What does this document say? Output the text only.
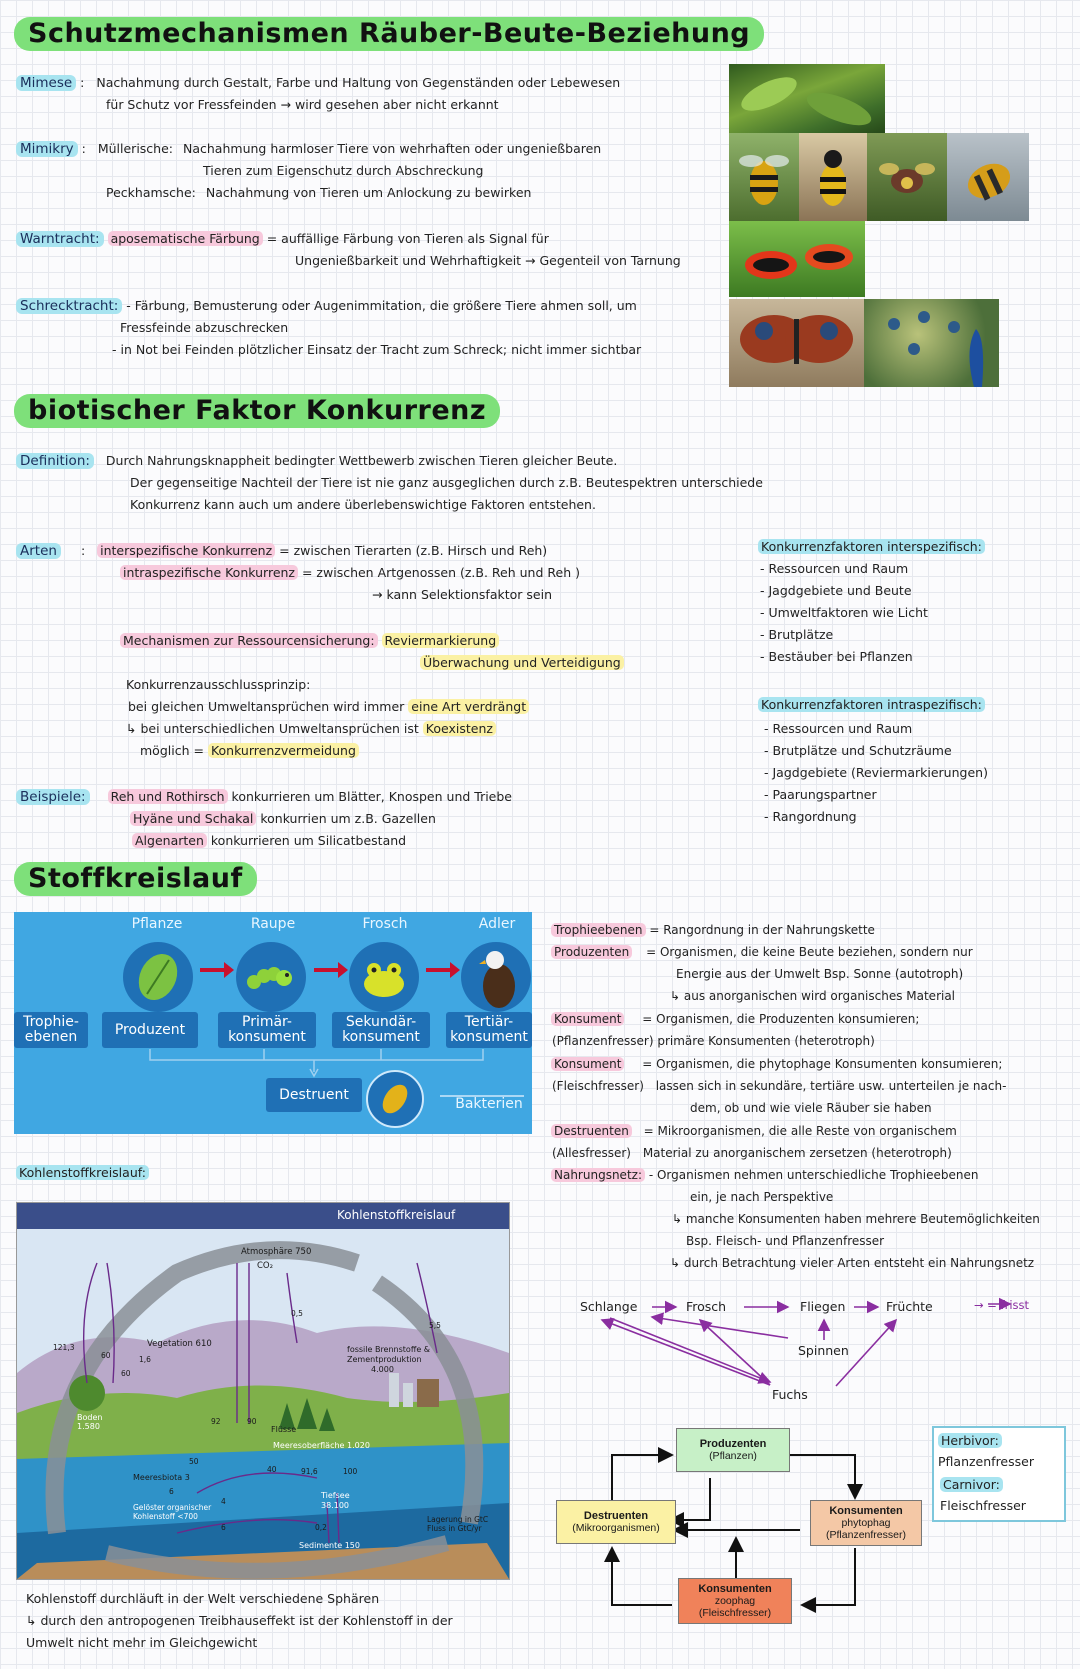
Schutzmechanismen Räuber-Beute-Beziehung
Mimese : Nachahmung durch Gestalt, Farbe und Haltung von Gegenständen oder Lebewesen
für Schutz vor Fressfeinden → wird gesehen aber nicht erkannt
Mimikry : Müllerische: Nachahmung harmloser Tiere von wehrhaften oder ungenießbaren
Tieren zum Eigenschutz durch Abschreckung
Peckhamsche: Nachahmung von Tieren um Anlockung zu bewirken
Warntracht: aposematische Färbung = auffällige Färbung von Tieren als Signal für
Ungenießbarkeit und Wehrhaftigkeit → Gegenteil von Tarnung
Schrecktracht: - Färbung, Bemusterung oder Augenimmitation, die größere Tiere ahmen soll, um
Fressfeinde abzuschrecken
- in Not bei Feinden plötzlicher Einsatz der Tracht zum Schreck; nicht immer sichtbar
biotischer Faktor Konkurrenz
Definition: Durch Nahrungsknappheit bedingter Wettbewerb zwischen Tieren gleicher Beute.
Der gegenseitige Nachteil der Tiere ist nie ganz ausgeglichen durch z.B. Beutespektren unterschiede
Konkurrenz kann auch um andere überlebenswichtige Faktoren entstehen.
Arten : interspezifische Konkurrenz = zwischen Tierarten (z.B. Hirsch und Reh)
intraspezifische Konkurrenz = zwischen Artgenossen (z.B. Reh und Reh )
→ kann Selektionsfaktor sein
Mechanismen zur Ressourcensicherung: Reviermarkierung
Überwachung und Verteidigung
Konkurrenzausschlussprinzip:
bei gleichen Umweltansprüchen wird immer eine Art verdrängt
↳ bei unterschiedlichen Umweltansprüchen ist Koexistenz
möglich = Konkurrenzvermeidung
Beispiele: Reh und Rothirsch konkurrieren um Blätter, Knospen und Triebe
Hyäne und Schakal konkurrien um z.B. Gazellen
Algenarten konkurrieren um Silicatbestand
Konkurrenzfaktoren interspezifisch:
- Ressourcen und Raum
- Jagdgebiete und Beute
- Umweltfaktoren wie Licht
- Brutplätze
- Bestäuber bei Pflanzen
Konkurrenzfaktoren intraspezifisch:
- Ressourcen und Raum
- Brutplätze und Schutzräume
- Jagdgebiete (Reviermarkierungen)
- Paarungspartner
- Rangordnung
Stoffkreislauf
Pflanze	Raupe	Frosch	Adler
Trophie-
ebenen	Produzent	Primär-
konsument
Sekundär-
konsument
Tertiär-
konsument
Destruent
Bakterien
Trophieebenen = Rangordnung in der Nahrungskette
Produzenten = Organismen, die keine Beute beziehen, sondern nur
Energie aus der Umwelt Bsp. Sonne (autotroph)
↳ aus anorganischen wird organisches Material
Konsument = Organismen, die Produzenten konsumieren;
(Pflanzenfresser) primäre Konsumenten (heterotroph)
Konsument = Organismen, die phytophage Konsumenten konsumieren;
(Fleischfresser) lassen sich in sekundäre, tertiäre usw. unterteilen je nach-
dem, ob und wie viele Räuber sie haben
Destruenten = Mikroorganismen, die alle Reste von organischem
(Allesfresser) Material zu anorganischem zersetzen (heterotroph)
Nahrungsnetz: - Organismen nehmen unterschiedliche Trophieebenen
ein, je nach Perspektive
↳ manche Konsumenten haben mehrere Beutemöglichkeiten
Bsp. Fleisch- und Pflanzenfresser
↳ durch Betrachtung vieler Arten entsteht ein Nahrungsnetz
Schlange	Frosch	Fliegen	Früchte
Spinnen
Fuchs
→ = frisst
Kohlenstoffkreislauf:
Kohlenstoffkreislauf
Atmosphäre 750
CO₂
Vegetation 610
fossile Brennstoffe &
Zementproduktion
4.000
Boden
1.580	Flüsse
Meeresoberfläche 1.020
Meeresbiota 3
Gelöster organischer
Kohlenstoff <700
Tiefsee
38.100
Sedimente 150
Lagerung in GtC
Fluss in GtC/yr
121,3
60
60
1,6
0,5
5,5
92	90
50
40	91,6	100
6
4
6	0,2
Kohlenstoff durchläuft in der Welt verschiedene Sphären
↳ durch den antropogenen Treibhauseffekt ist der Kohlenstoff in der
Umwelt nicht mehr im Gleichgewicht
Produzenten
(Pflanzen)
Destruenten
(Mikroorganismen)
Konsumenten
phytophag
(Pflanzenfresser)
Konsumenten
zoophag
(Fleischfresser)
Herbivor:
Pflanzenfresser
Carnivor:
Fleischfresser
